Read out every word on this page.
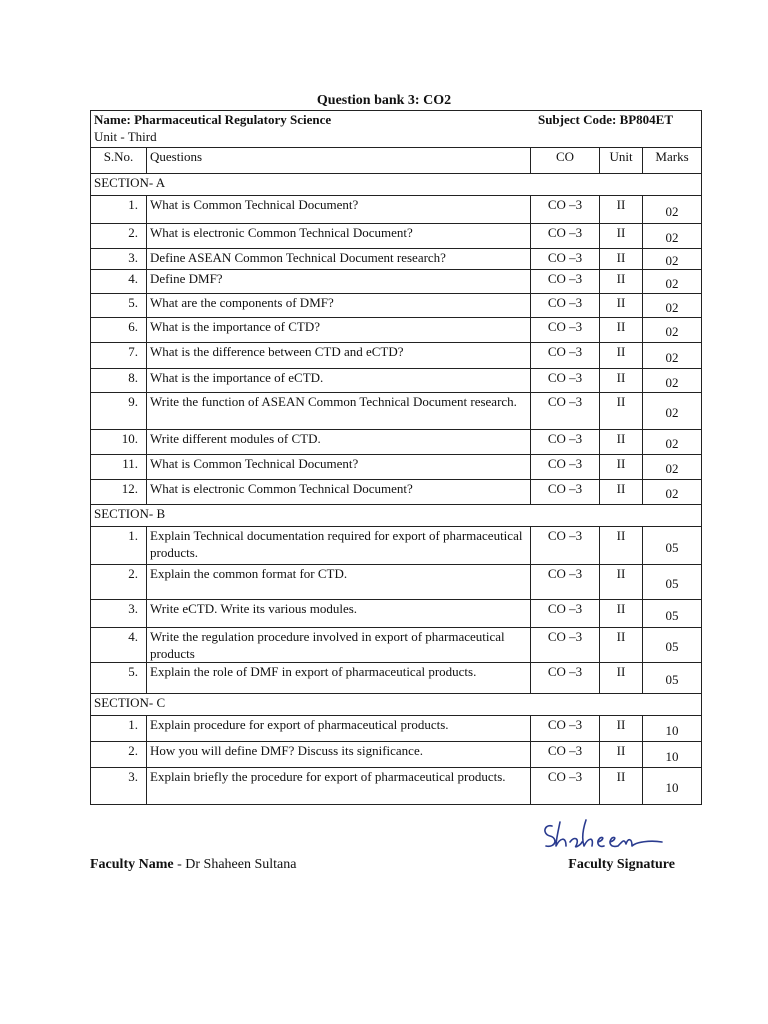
Question bank 3: CO2
Name: Pharmaceutical Regulatory Science Subject Code: BP804ET
Unit - Third				

S.No.	Questions	CO	Unit	Marks
SECTION- A				
1.	What is Common Technical Document?	CO –3	II	02
2.	What is electronic Common Technical Document?	CO –3	II	02
3.	Define ASEAN Common Technical Document research?	CO –3	II	02
4.	Define DMF?	CO –3	II	02
5.	What are the components of DMF?	CO –3	II	02
6.	What is the importance of CTD?	CO –3	II	02
7.	What is the difference between CTD and eCTD?	CO –3	II	02
8.	What is the importance of eCTD.	CO –3	II	02
9.	Write the function of ASEAN Common Technical Document research.	CO –3	II	02
10.	Write different modules of CTD.	CO –3	II	02
11.	What is Common Technical Document?	CO –3	II	02
12.	What is electronic Common Technical Document?	CO –3	II	02
SECTION- B				
1.	Explain Technical documentation required for export of pharmaceutical products.	CO –3	II	05
2.	Explain the common format for CTD.	CO –3	II	05
3.	Write eCTD. Write its various modules.	CO –3	II	05
4.	Write the regulation procedure involved in export of pharmaceutical products	CO –3	II	05
5.	Explain the role of DMF in export of pharmaceutical products.	CO –3	II	05
SECTION- C				
1.	Explain procedure for export of pharmaceutical products.	CO –3	II	10
2.	How you will define DMF? Discuss its significance.	CO –3	II	10
3.	Explain briefly the procedure for export of pharmaceutical products.	CO –3	II	10
Faculty Name - Dr Shaheen Sultana	Faculty Signature
